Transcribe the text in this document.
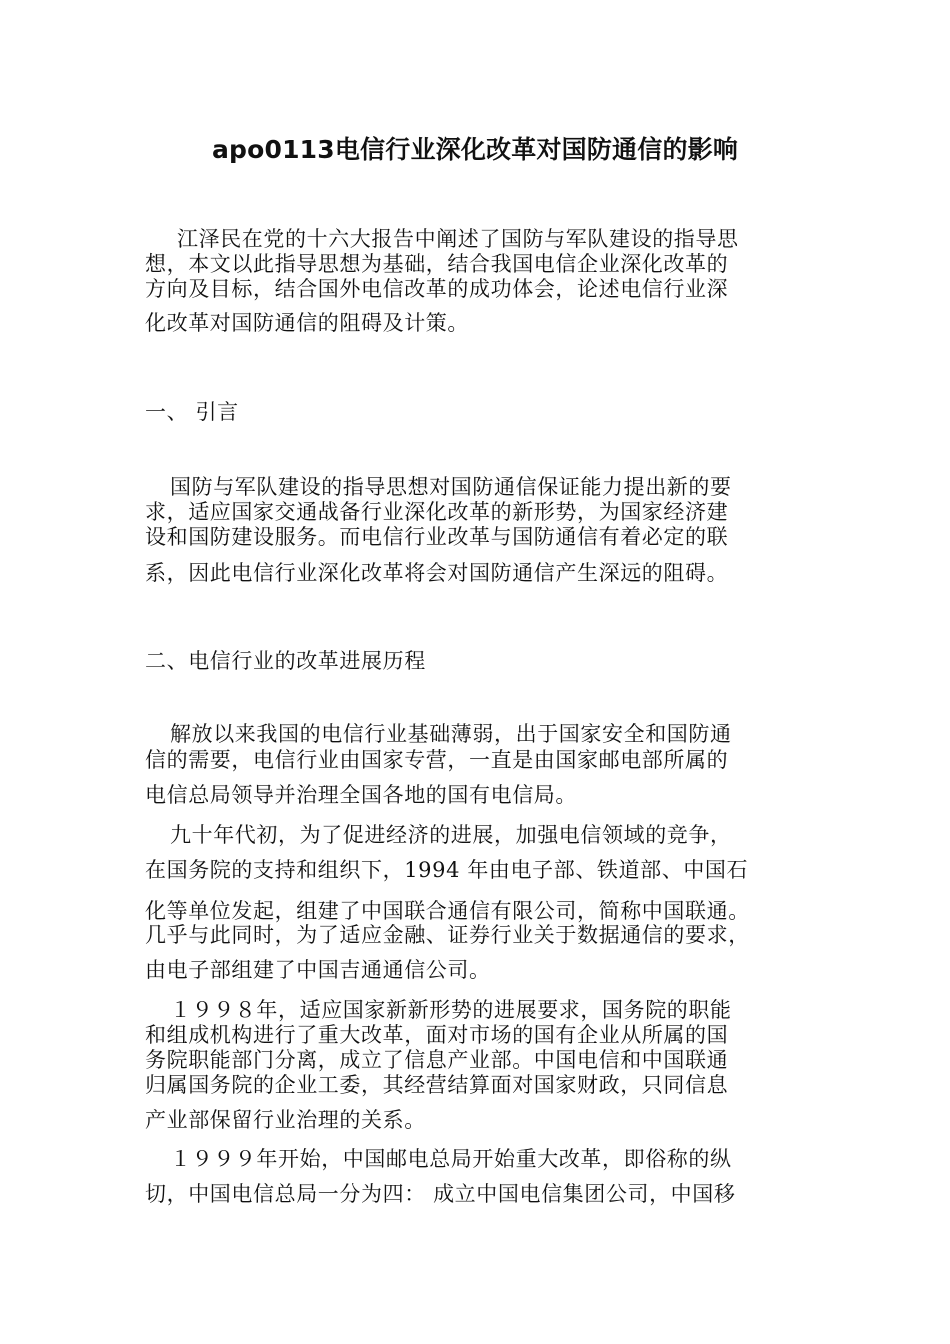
apo0113电信行业深化改革对国防通信的影响
江泽民在党的十六大报告中阐述了国防与军队建设的指导思
想，本文以此指导思想为基础，结合我国电信企业深化改革的
方向及目标，结合国外电信改革的成功体会，论述电信行业深
化改革对国防通信的阻碍及计策。
一、 引言
国防与军队建设的指导思想对国防通信保证能力提出新的要
求，适应国家交通战备行业深化改革的新形势，为国家经济建
设和国防建设服务。而电信行业改革与国防通信有着必定的联
系，因此电信行业深化改革将会对国防通信产生深远的阻碍。
二、电信行业的改革进展历程
解放以来我国的电信行业基础薄弱，出于国家安全和国防通
信的需要，电信行业由国家专营，一直是由国家邮电部所属的
电信总局领导并治理全国各地的国有电信局。
九十年代初，为了促进经济的进展，加强电信领域的竞争，
在国务院的支持和组织下，1994 年由电子部、铁道部、中国石
化等单位发起，组建了中国联合通信有限公司，简称中国联通。
几乎与此同时，为了适应金融、证券行业关于数据通信的要求，
由电子部组建了中国吉通通信公司。
１９９８年，适应国家新新形势的进展要求，国务院的职能
和组成机构进行了重大改革，面对市场的国有企业从所属的国
务院职能部门分离，成立了信息产业部。中国电信和中国联通
归属国务院的企业工委，其经营结算面对国家财政，只同信息
产业部保留行业治理的关系。
１９９９年开始，中国邮电总局开始重大改革，即俗称的纵
切，中国电信总局一分为四： 成立中国电信集团公司，中国移
